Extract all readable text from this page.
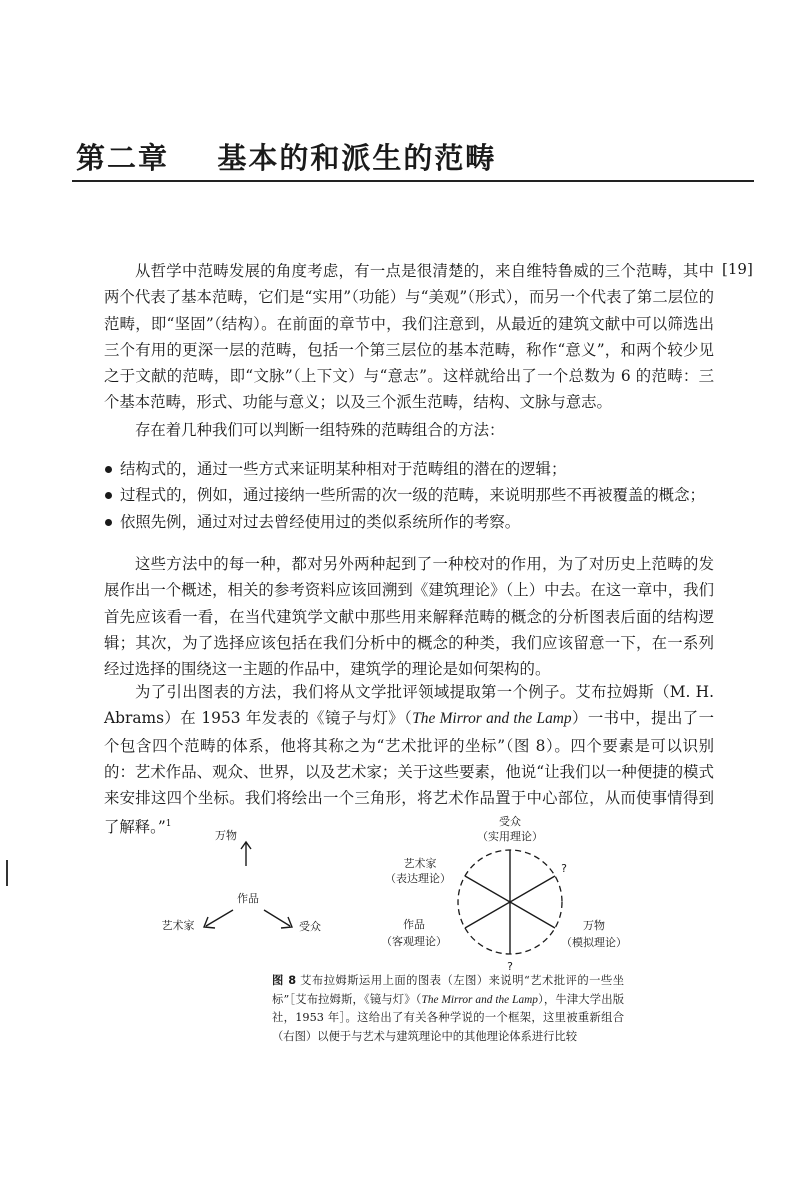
第二章    基本的和派生的范畴
[19]

从哲学中范畴发展的角度考虑，有一点是很清楚的，来自维特鲁威的三个范畴，其中两个代表了基本范畴，它们是“实用”（功能）与“美观”（形式），而另一个代表了第二层位的范畴，即“坚固”（结构）。在前面的章节中，我们注意到，从最近的建筑文献中可以筛选出三个有用的更深一层的范畴，包括一个第三层位的基本范畴，称作“意义”，和两个较少见之于文献的范畴，即“文脉”（上下文）与“意志”。这样就给出了一个总数为 6 的范畴：三个基本范畴，形式、功能与意义；以及三个派生范畴，结构、文脉与意志。

存在着几种我们可以判断一组特殊的范畴组合的方法：

结构式的，通过一些方式来证明某种相对于范畴组的潜在的逻辑；
过程式的，例如，通过接纳一些所需的次一级的范畴，来说明那些不再被覆盖的概念；
依照先例，通过对过去曾经使用过的类似系统所作的考察。

这些方法中的每一种，都对另外两种起到了一种校对的作用，为了对历史上范畴的发展作出一个概述，相关的参考资料应该回溯到《建筑理论》（上）中去。在这一章中，我们首先应该看一看，在当代建筑学文献中那些用来解释范畴的概念的分析图表后面的结构逻辑；其次，为了选择应该包括在我们分析中的概念的种类，我们应该留意一下，在一系列经过选择的围绕这一主题的作品中，建筑学的理论是如何架构的。

为了引出图表的方法，我们将从文学批评领域提取第一个例子。艾布拉姆斯（M. H. Abrams）在 1953 年发表的《镜子与灯》（The Mirror and the Lamp）一书中，提出了一个包含四个范畴的体系，他将其称之为“艺术批评的坐标”（图 8）。四个要素是可以识别的：艺术作品、观众、世界，以及艺术家；关于这些要素，他说“让我们以一种便捷的模式来安排这四个坐标。我们将绘出一个三角形，将艺术作品置于中心部位，从而使事情得到了解释。”$^1$

万物
作品
艺术家	受众
受众
（实用理论）
艺术家
（表达理论）
?
作品
（客观理论）
万物
（模拟理论）
?

图 8 艾布拉姆斯运用上面的图表（左图）来说明“艺术批评的一些坐标”［艾布拉姆斯，《镜与灯》（The Mirror and the Lamp），牛津大学出版社，1953 年］。这给出了有关各种学说的一个框架，这里被重新组合（右图）以便于与艺术与建筑理论中的其他理论体系进行比较
